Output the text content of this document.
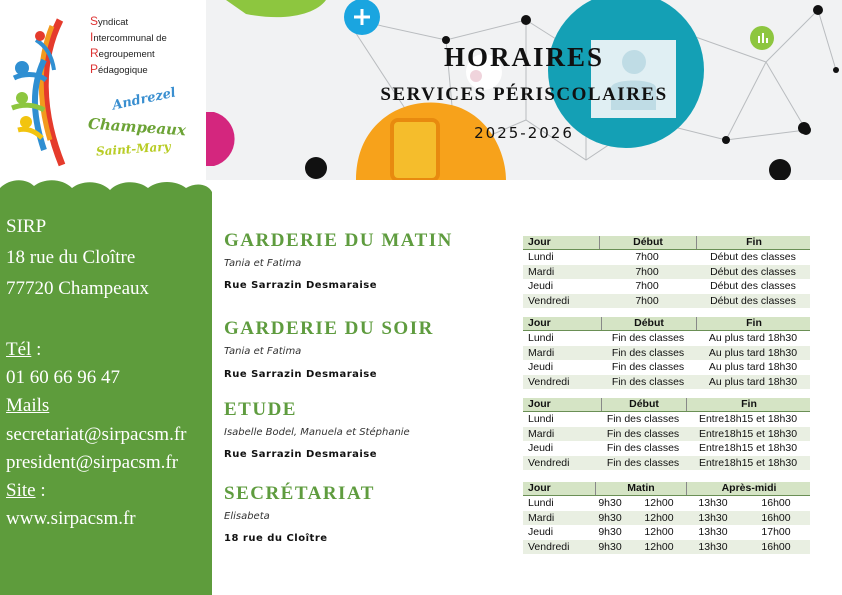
Syndicat
Intercommunal de
Regroupement
Pédagogique
Andrezel
Champeaux
Saint-Mary
HORAIRES
SERVICES PÉRISCOLAIRES
2025-2026
SIRP
18 rue du Cloître
77720 Champeaux
Tél :
01 60 66 96 47
Mails
secretariat@sirpacsm.fr
president@sirpacsm.fr
Site :
www.sirpacsm.fr
GARDERIE DU MATIN
Tania et Fatima
Rue Sarrazin Desmaraise
GARDERIE DU SOIR
Tania et Fatima
Rue Sarrazin Desmaraise
ETUDE
Isabelle Bodel, Manuela et Stéphanie
Rue Sarrazin Desmaraise
SECRÉTARIAT
Elisabeta
18 rue du Cloître
Jour	Début	Fin
Lundi	7h00	Début des classes
Mardi	7h00	Début des classes
Jeudi	7h00	Début des classes
Vendredi	7h00	Début des classes
Jour	Début	Fin
Lundi	Fin des classes	Au plus tard 18h30
Mardi	Fin des classes	Au plus tard 18h30
Jeudi	Fin des classes	Au plus tard 18h30
Vendredi	Fin des classes	Au plus tard 18h30
Jour	Début	Fin
Lundi	Fin des classes	Entre18h15 et 18h30
Mardi	Fin des classes	Entre18h15 et 18h30
Jeudi	Fin des classes	Entre18h15 et 18h30
Vendredi	Fin des classes	Entre18h15 et 18h30
Jour	Matin	Après-midi
Lundi	9h30	12h00	13h30	16h00
Mardi	9h30	12h00	13h30	16h00
Jeudi	9h30	12h00	13h30	17h00
Vendredi	9h30	12h00	13h30	16h00
